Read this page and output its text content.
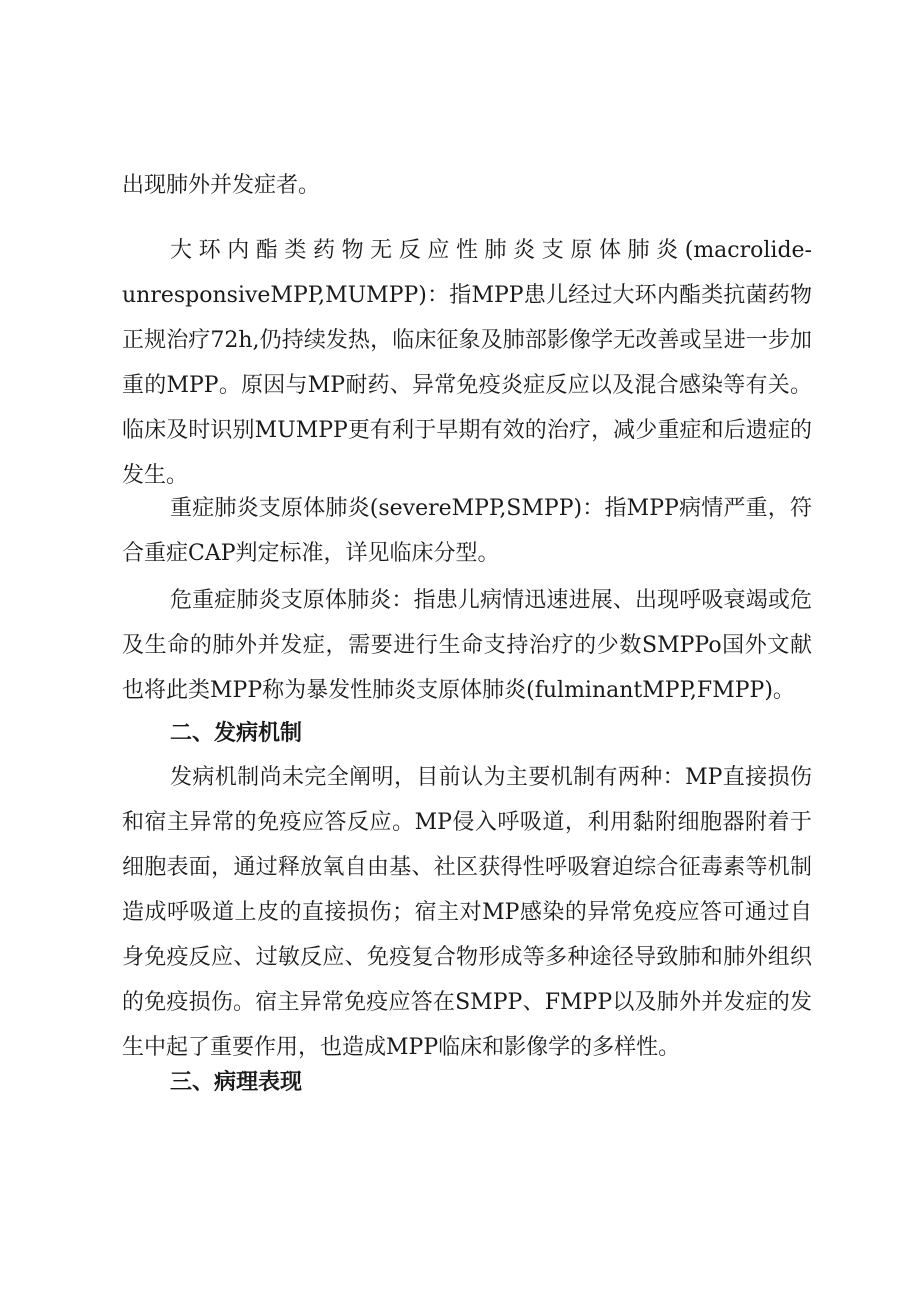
出现肺外并发症者。

大环内酯类药物无反应性肺炎支原体肺炎(macrolide-unresponsiveMPP,MUMPP)：指MPP患儿经过大环内酯类抗菌药物正规治疗72h,仍持续发热，临床征象及肺部影像学无改善或呈进一步加重的MPP。原因与MP耐药、异常免疫炎症反应以及混合感染等有关。临床及时识别MUMPP更有利于早期有效的治疗，减少重症和后遗症的发生。

重症肺炎支原体肺炎(severeMPP,SMPP)：指MPP病情严重，符合重症CAP判定标准，详见临床分型。

危重症肺炎支原体肺炎：指患儿病情迅速进展、出现呼吸衰竭或危及生命的肺外并发症，需要进行生命支持治疗的少数SMPPo国外文献也将此类MPP称为暴发性肺炎支原体肺炎(fulminantMPP,FMPP)。

二、发病机制

发病机制尚未完全阐明，目前认为主要机制有两种：MP直接损伤和宿主异常的免疫应答反应。MP侵入呼吸道，利用黏附细胞器附着于细胞表面，通过释放氧自由基、社区获得性呼吸窘迫综合征毒素等机制造成呼吸道上皮的直接损伤；宿主对MP感染的异常免疫应答可通过自身免疫反应、过敏反应、免疫复合物形成等多种途径导致肺和肺外组织的免疫损伤。宿主异常免疫应答在SMPP、FMPP以及肺外并发症的发生中起了重要作用，也造成MPP临床和影像学的多样性。

三、病理表现
